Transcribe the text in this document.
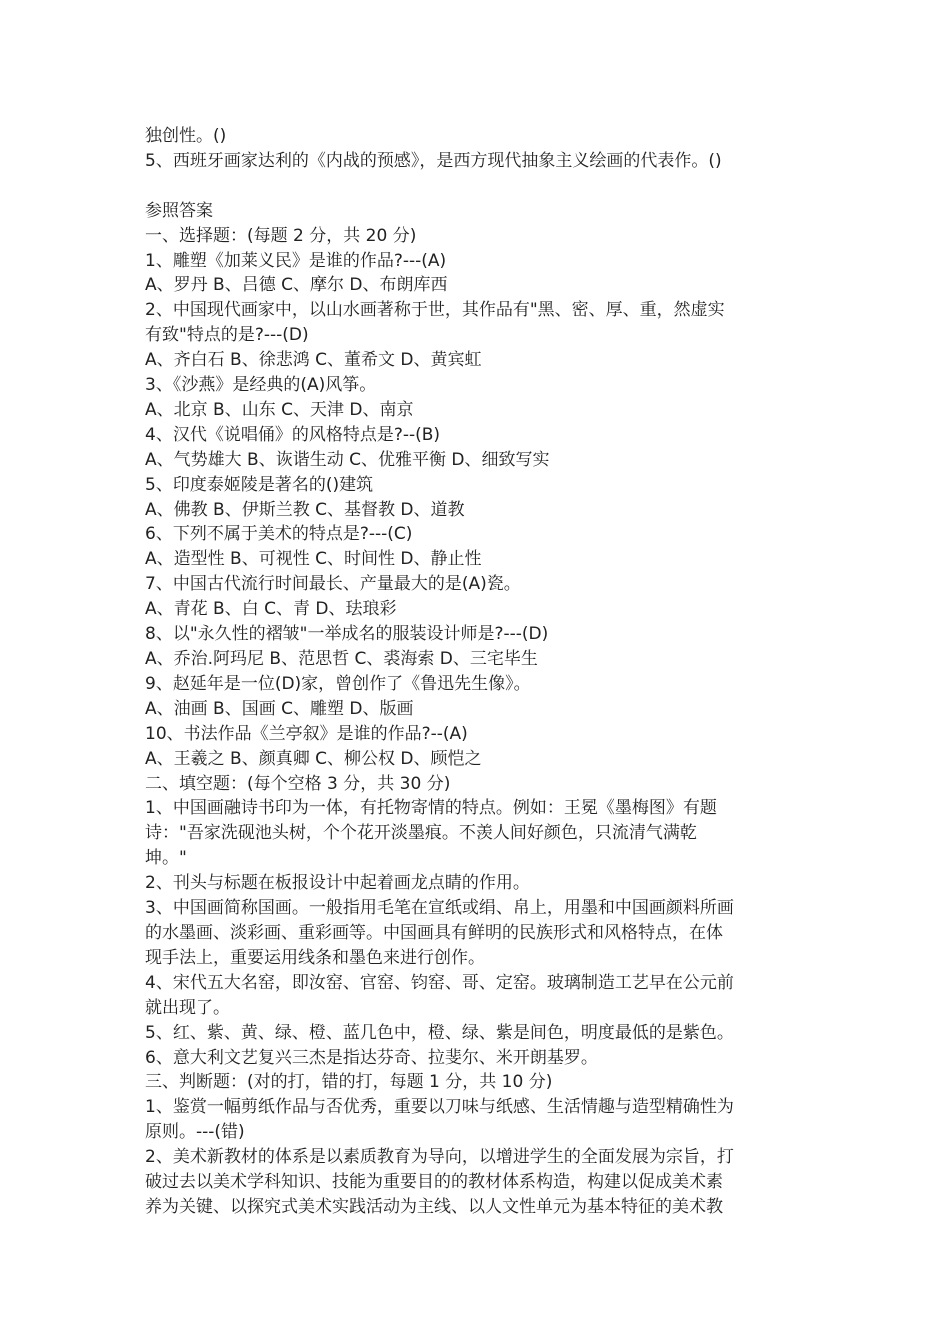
独创性。()
5、西班牙画家达利的《内战的预感》，是西方现代抽象主义绘画的代表作。()
参照答案
一、选择题：(每题 2 分，共 20 分)
1、雕塑《加莱义民》是谁的作品?---(A)
A、罗丹 B、吕德 C、摩尔 D、布朗库西
2、中国现代画家中，以山水画著称于世，其作品有"黑、密、厚、重，然虚实
有致"特点的是?---(D)
A、齐白石 B、徐悲鸿 C、董希文 D、黄宾虹
3、《沙燕》是经典的(A)风筝。
A、北京 B、山东 C、天津 D、南京
4、汉代《说唱俑》的风格特点是?--(B)
A、气势雄大 B、诙谐生动 C、优雅平衡 D、细致写实
5、印度泰姬陵是著名的()建筑
A、佛教 B、伊斯兰教 C、基督教 D、道教
6、下列不属于美术的特点是?---(C)
A、造型性 B、可视性 C、时间性 D、静止性
7、中国古代流行时间最长、产量最大的是(A)瓷。
A、青花 B、白 C、青 D、珐琅彩
8、以"永久性的褶皱"一举成名的服装设计师是?---(D)
A、乔治.阿玛尼 B、范思哲 C、裘海索 D、三宅毕生
9、赵延年是一位(D)家，曾创作了《鲁迅先生像》。
A、油画 B、国画 C、雕塑 D、版画
10、书法作品《兰亭叙》是谁的作品?--(A)
A、王羲之 B、颜真卿 C、柳公权 D、顾恺之
二、填空题：(每个空格 3 分，共 30 分)
1、中国画融诗书印为一体，有托物寄情的特点。例如：王冕《墨梅图》有题
诗："吾家洗砚池头树，个个花开淡墨痕。不羡人间好颜色，只流清气满乾
坤。"
2、刊头与标题在板报设计中起着画龙点睛的作用。
3、中国画简称国画。一般指用毛笔在宣纸或绢、帛上，用墨和中国画颜料所画
的水墨画、淡彩画、重彩画等。中国画具有鲜明的民族形式和风格特点，在体
现手法上，重要运用线条和墨色来进行创作。
4、宋代五大名窑，即汝窑、官窑、钧窑、哥、定窑。玻璃制造工艺早在公元前
就出现了。
5、红、紫、黄、绿、橙、蓝几色中，橙、绿、紫是间色，明度最低的是紫色。
6、意大利文艺复兴三杰是指达芬奇、拉斐尔、米开朗基罗。
三、判断题：(对的打，错的打，每题 1 分，共 10 分)
1、鉴赏一幅剪纸作品与否优秀，重要以刀味与纸感、生活情趣与造型精确性为
原则。---(错)
2、美术新教材的体系是以素质教育为导向，以增进学生的全面发展为宗旨，打
破过去以美术学科知识、技能为重要目的的教材体系构造，构建以促成美术素
养为关键、以探究式美术实践活动为主线、以人文性单元为基本特征的美术教
